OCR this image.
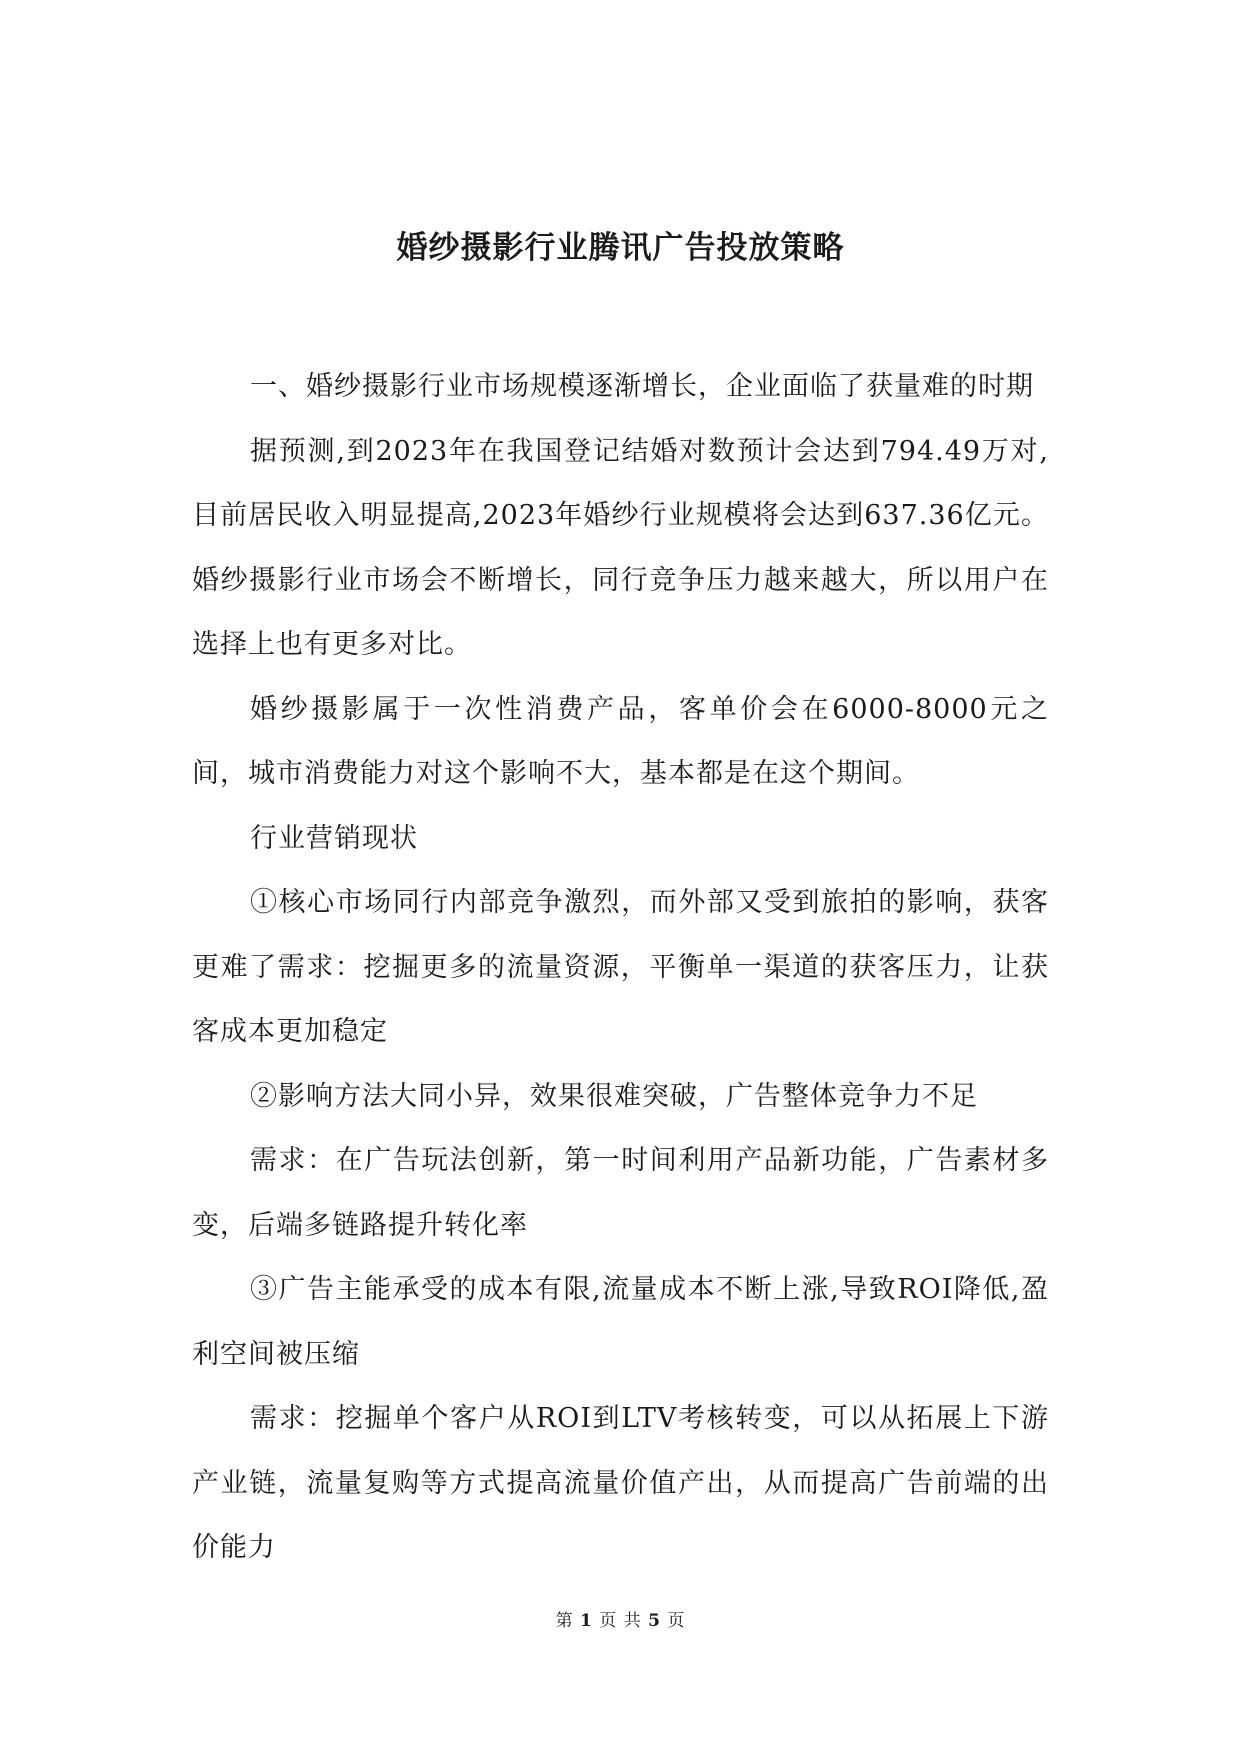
婚纱摄影行业腾讯广告投放策略

一、婚纱摄影行业市场规模逐渐增长，企业面临了获量难的时期

据预测,到2023年在我国登记结婚对数预计会达到794.49万对,目前居民收入明显提高,2023年婚纱行业规模将会达到637.36亿元。婚纱摄影行业市场会不断增长，同行竞争压力越来越大，所以用户在选择上也有更多对比。

婚纱摄影属于一次性消费产品，客单价会在6000-8000元之间，城市消费能力对这个影响不大，基本都是在这个期间。

行业营销现状

①核心市场同行内部竞争激烈，而外部又受到旅拍的影响，获客更难了需求：挖掘更多的流量资源，平衡单一渠道的获客压力，让获客成本更加稳定

②影响方法大同小异，效果很难突破，广告整体竞争力不足

需求：在广告玩法创新，第一时间利用产品新功能，广告素材多变，后端多链路提升转化率

③广告主能承受的成本有限,流量成本不断上涨,导致ROI降低,盈利空间被压缩

需求：挖掘单个客户从ROI到LTV考核转变，可以从拓展上下游产业链，流量复购等方式提高流量价值产出，从而提高广告前端的出价能力

第 1 页 共 5 页
